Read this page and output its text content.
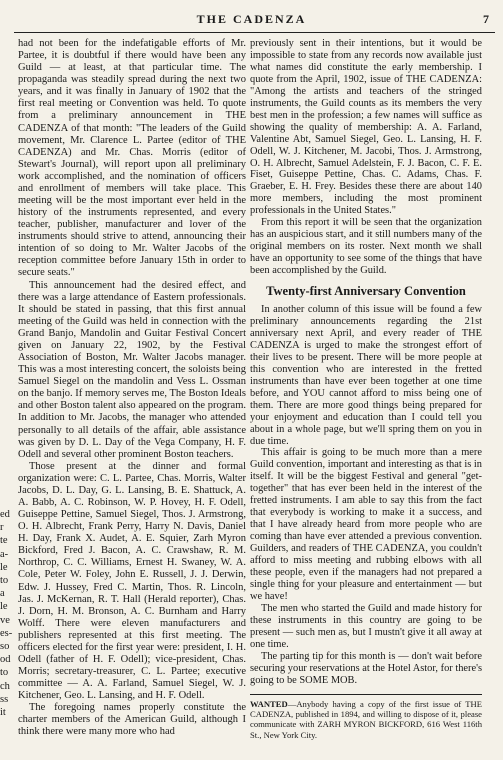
THE CADENZA	7
ed
r
te
a-
le
to
a
le
ve
es-
so
od
to
ch
ss
it

had not been for the indefatigable efforts of Mr. Partee, it is doubtful if there would have been any Guild — at least, at that particular time. The propaganda was steadily spread during the next two years, and it was finally in January of 1902 that the first real meeting or Convention was held. To quote from a preliminary announcement in THE CADENZA of that month: "The leaders of the Guild movement, Mr. Clarence L. Partee (editor of THE CADENZA) and Mr. Chas. Morris (editor of Stewart's Journal), will report upon all preliminary work accomplished, and the nomination of officers and enrollment of members will take place. This meeting will be the most important ever held in the history of the instruments represented, and every teacher, publisher, manufacturer and lover of the instruments should strive to attend, announcing their intention of so doing to Mr. Walter Jacobs of the reception committee before January 15th in order to secure seats."

This announcement had the desired effect, and there was a large attendance of Eastern professionals. It should be stated in passing, that this first annual meeting of the Guild was held in connection with the Grand Banjo, Mandolin and Guitar Festival Concert given on January 22, 1902, by the Festival Association of Boston, Mr. Walter Jacobs manager. This was a most interesting concert, the soloists being Samuel Siegel on the mandolin and Vess L. Ossman on the banjo. If memory serves me, The Boston Ideals and other Boston talent also appeared on the program. In addition to Mr. Jacobs, the manager who attended personally to all details of the affair, able assistance was given by D. L. Day of the Vega Company, H. F. Odell and several other prominent Boston teachers.

Those present at the dinner and formal organization were: C. L. Partee, Chas. Morris, Walter Jacobs, D. L. Day, G. L. Lansing, B. E. Shattuck, A. A. Babb, A. C. Robinson, W. P. Hovey, H. F. Odell, Guiseppe Pettine, Samuel Siegel, Thos. J. Armstrong, O. H. Albrecht, Frank Perry, Harry N. Davis, Daniel H. Day, Frank X. Audet, A. E. Squier, Zarh Myron Bickford, Fred J. Bacon, A. C. Crawshaw, R. M. Northrop, C. C. Williams, Ernest H. Swaney, W. A. Cole, Peter W. Foley, John E. Russell, J. J. Derwin, Edw. J. Hussey, Fred C. Martin, Thos. R. Lincoln, Jas. J. McKernan, R. T. Hall (Herald reporter), Chas. J. Dorn, H. M. Bronson, A. C. Burnham and Harry Wolff. There were eleven manufacturers and publishers represented at this first meeting. The officers elected for the first year were: president, I. H. Odell (father of H. F. Odell); vice-president, Chas. Morris; secretary-treasurer, C. L. Partee; executive committee — A. A. Farland, Samuel Siegel, W. J. Kitchener, Geo. L. Lansing, and H. F. Odell.

The foregoing names properly constitute the charter members of the American Guild, although I think there were many more who had

previously sent in their intentions, but it would be impossible to state from any records now available just what names did constitute the early membership. I quote from the April, 1902, issue of THE CADENZA: "Among the artists and teachers of the stringed instruments, the Guild counts as its members the very best men in the profession; a few names will suffice as showing the quality of membership: A. A. Farland, Valentine Abt, Samuel Siegel, Geo. L. Lansing, H. F. Odell, W. J. Kitchener, M. Jacobi, Thos. J. Armstrong, O. H. Albrecht, Samuel Adelstein, F. J. Bacon, C. F. E. Fiset, Guiseppe Pettine, Chas. C. Adams, Chas. F. Graeber, E. H. Frey. Besides these there are about 140 more members, including the most prominent professionals in the United States."

From this report it will be seen that the organization has an auspicious start, and it still numbers many of the original members on its roster. Next month we shall have an opportunity to see some of the things that have been accomplished by the Guild.

Twenty-first Anniversary Convention

In another column of this issue will be found a few preliminary announcements regarding the 21st anniversary next April, and every reader of THE CADENZA is urged to make the strongest effort of their lives to be present. There will be more people at this convention who are interested in the fretted instruments than have ever been together at one time before, and YOU cannot afford to miss being one of them. There are more good things being prepared for your enjoyment and education than I could tell you about in a whole page, but we'll spring them on you in due time.

This affair is going to be much more than a mere Guild convention, important and interesting as that is in itself. It will be the biggest Festival and general "get-together" that has ever been held in the interest of the fretted instruments. I am able to say this from the fact that everybody is working to make it a success, and that I have already heard from more people who are coming than have ever attended a previous convention. Guilders, and readers of THE CADENZA, you couldn't afford to miss meeting and rubbing elbows with all these people, even if the managers had not prepared a single thing for your pleasure and entertainment — but we have!

The men who started the Guild and made history for these instruments in this country are going to be present — such men as, but I mustn't give it all away at one time.

The parting tip for this month is — don't wait before securing your reservations at the Hotel Astor, for there's going to be SOME MOB.

WANTED—Anybody having a copy of the first issue of THE CADENZA, published in 1894, and willing to dispose of it, please communicate with ZARH MYRON BICKFORD, 616 West 116th St., New York City.
